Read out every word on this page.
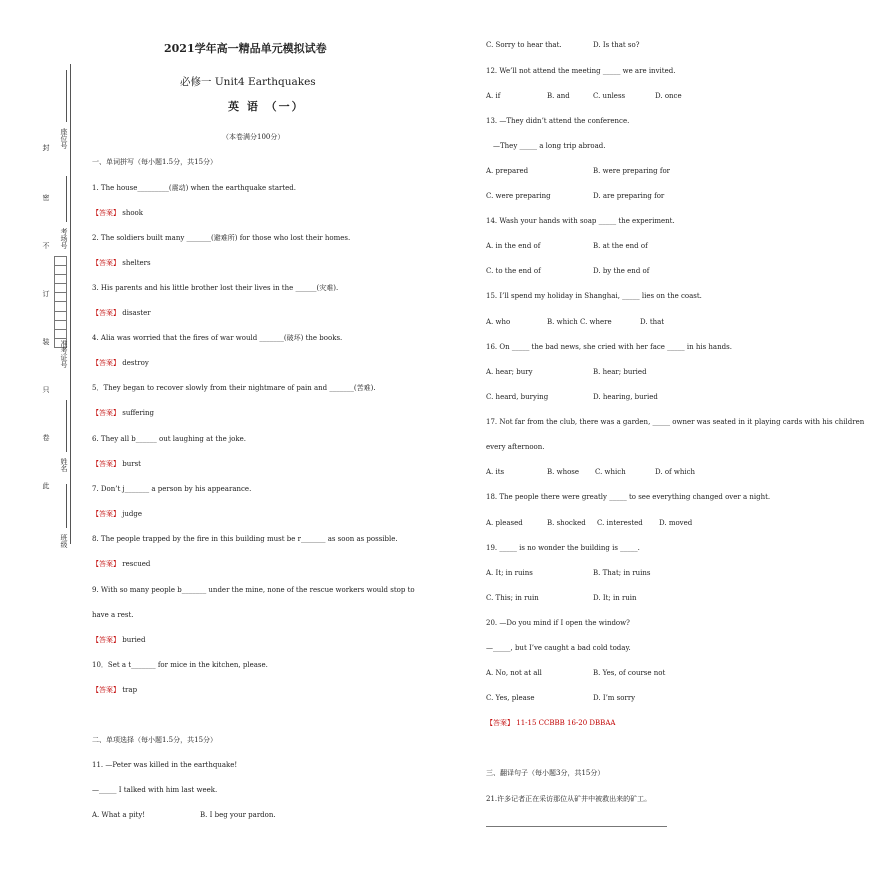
封
密
不
订
装
只
卷
此
座位号
考场号
准考证号
姓名
班级
2021学年高一精品单元模拟试卷
必修一 Unit4 Earthquakes
英 语 （一）
（本卷满分100分）
一、单词拼写（每小题1.5分，共15分）
1. The house_________(震动) when the earthquake started.
【答案】 shook
2. The soldiers built many _______(避难所) for those who lost their homes.
【答案】 shelters
3. His parents and his little brother lost their lives in the ______(灾难).
【答案】 disaster
4. Alia was worried that the fires of war would _______(破坏) the books.
【答案】 destroy
5．They began to recover slowly from their nightmare of pain and _______(苦难).
【答案】 suffering
6. They all b______ out laughing at the joke.
【答案】 burst
7. Don’t j_______ a person by his appearance.
【答案】 judge
8. The people trapped by the fire in this building must be r_______ as soon as possible.
【答案】 rescued
9. With so many people b_______ under the mine, none of the rescue workers would stop to
have a rest.
【答案】 buried
10．Set a t_______ for mice in the kitchen, please.
【答案】 trap
二、单项选择（每小题1.5分，共15分）
11. —Peter was killed in the earthquake!
—_____ I talked with him last week.
A. What a pity!	B. I beg your pardon.
C. Sorry to hear that.	D. Is that so?
12. We’ll not attend the meeting _____ we are invited.
A. if	B. and	C. unless	D. once
13. —They didn’t attend the conference.
—They _____ a long trip abroad.
A. prepared	B. were preparing for
C. were preparing	D. are preparing for
14. Wash your hands with soap _____ the experiment.
A. in the end of	B. at the end of
C. to the end of	D. by the end of
15. I’ll spend my holiday in Shanghai, _____ lies on the coast.
A. who	B. which C. where	D. that
16. On _____ the bad news, she cried with her face _____ in his hands.
A. hear; bury	B. hear; buried
C. heard, burying	D. hearing, buried
17. Not far from the club, there was a garden, _____ owner was seated in it playing cards with his children
every afternoon.
A. its	B. whose C. which	D. of which
18. The people there were greatly _____ to see everything changed over a night.
A. pleased	B. shocked C. interested D. moved
19. _____ is no wonder the building is _____.
A. It; in ruins	B. That; in ruins
C. This; in ruin	D. It; in ruin
20. —Do you mind if I open the window?
—_____, but I’ve caught a bad cold today.
A. No, not at all	B. Yes, of course not
C. Yes, please	D. I’m sorry
【答案】 11-15 CCBBB 16-20 DBBAA
三、翻译句子（每小题3分，共15分）
21.许多记者正在采访那位从矿井中被救出来的矿工。
